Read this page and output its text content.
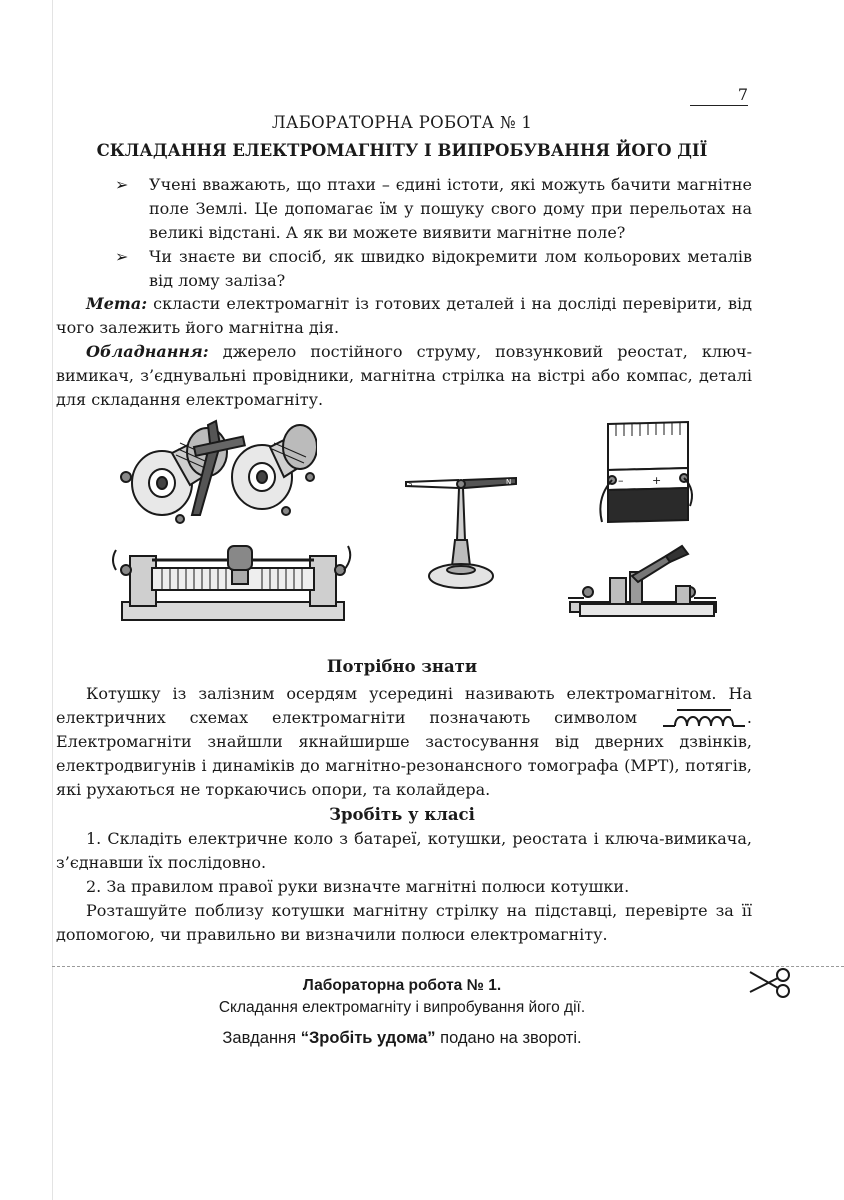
7
ЛАБОРАТОРНА РОБОТА № 1
СКЛАДАННЯ ЕЛЕКТРОМАГНІТУ І ВИПРОБУВАННЯ ЙОГО ДІЇ
➢ Учені вважають, що птахи – єдині істоти, які можуть бачити магнітне поле Землі. Це допомагає їм у пошуку свого дому при перельотах на великі відстані. А як ви можете виявити магнітне поле?
➢ Чи знаєте ви спосіб, як швидко відокремити лом кольорових металів від лому заліза?

Мета: скласти електромагніт із готових деталей і на досліді перевірити, від чого залежить його магнітна дія.

Обладнання: джерело постійного струму, повзунковий реостат, ключ-вимикач, з’єднувальні провідники, магнітна стрілка на вістрі або компас, деталі для складання електромагніту.

S	N	–	+
Потрібно знати

Котушку із залізним осердям усередині називають електромагнітом. На електричних схемах електромагніти позначають символом	. Електромагніти знайшли якнайширше застосування від дверних дзвінків, електродвигунів і динаміків до магнітно-резонансного томографа (МРТ), потягів, які рухаються не торкаючись опори, та колайдера.

Зробіть у класі

1. Складіть електричне коло з батареї, котушки, реостата і ключа-вимикача, з’єднавши їх послідовно.

2. За правилом правої руки визначте магнітні полюси котушки.

Розташуйте поблизу котушки магнітну стрілку на підставці, перевірте за її допомогою, чи правильно ви визначили полюси електромагніту.

Лабораторна робота № 1.
Складання електромагніту і випробування його дії.
Завдання “Зробіть удома” подано на звороті.
